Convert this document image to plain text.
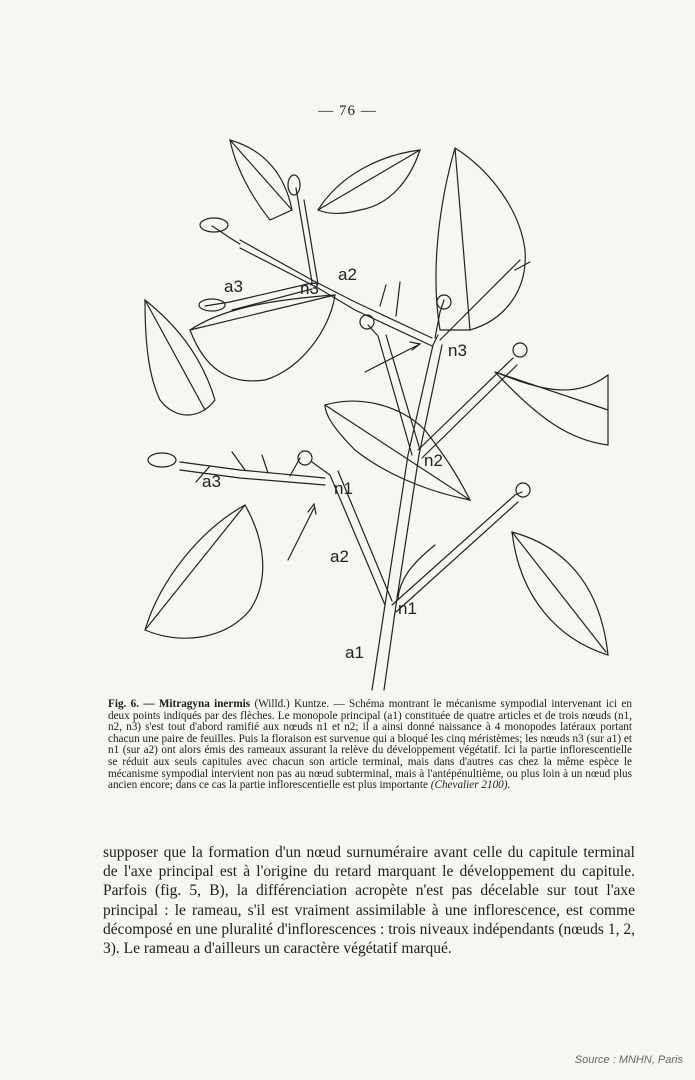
— 76 —
a1
a2
a3	n1
n1
n2
n3
a2
n3
a3

Fig. 6. — Mitragyna inermis (Willd.) Kuntze. — Schéma montrant le mécanisme sympodial intervenant ici en deux points indiqués par des flèches. Le monopole principal (a1) constituée de quatre articles et de trois nœuds (n1, n2, n3) s'est tout d'abord ramifié aux nœuds n1 et n2; il a ainsi donné naissance à 4 monopodes latéraux portant chacun une paire de feuilles. Puis la floraison est survenue qui a bloqué les cinq méristèmes; les nœuds n3 (sur a1) et n1 (sur a2) ont alors émis des rameaux assurant la relève du développement végétatif. Ici la partie inflorescentielle se réduit aux seuls capitules avec chacun son article terminal, mais dans d'autres cas chez la même espèce le mécanisme sympodial intervient non pas au nœud subterminal, mais à l'antépénultième, ou plus loin à un nœud plus ancien encore; dans ce cas la partie inflorescentielle est plus importante (Chevalier 2100).

supposer que la formation d'un nœud surnuméraire avant celle du capitule terminal de l'axe principal est à l'origine du retard marquant le développement du capitule. Parfois (fig. 5, B), la différenciation acropète n'est pas décelable sur tout l'axe principal : le rameau, s'il est vraiment assimilable à une inflorescence, est comme décomposé en une pluralité d'inflorescences : trois niveaux indépendants (nœuds 1, 2, 3). Le rameau a d'ailleurs un caractère végétatif marqué.
Source : MNHN, Paris
